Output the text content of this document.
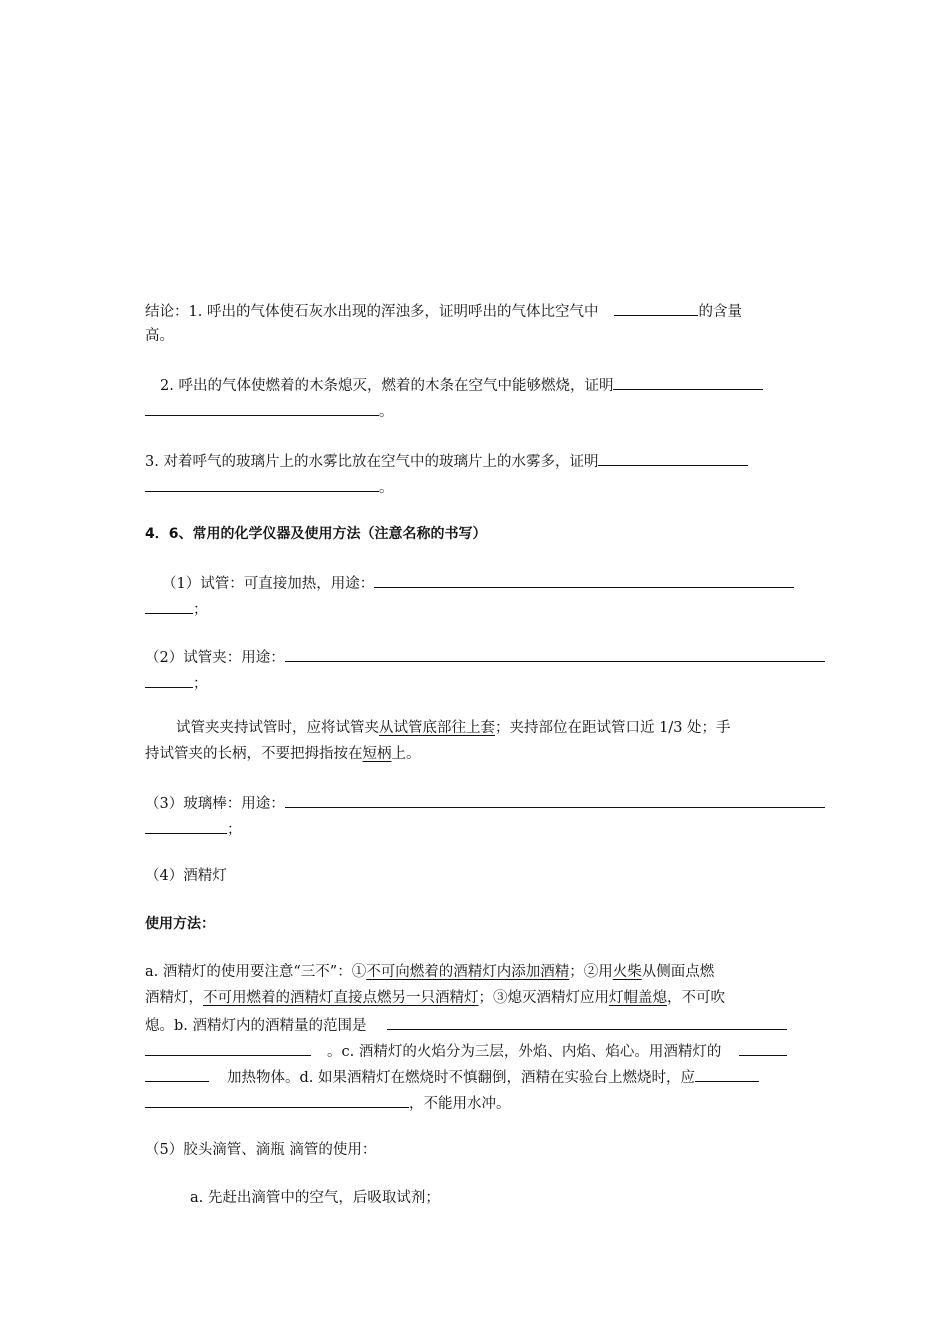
结论：1. 呼出的气体使石灰水出现的浑浊多，证明呼出的气体比空气中	的含量
高。
2. 呼出的气体使燃着的木条熄灭，燃着的木条在空气中能够燃烧，证明
。
3. 对着呼气的玻璃片上的水雾比放在空气中的玻璃片上的水雾多，证明
。
4．6、常用的化学仪器及使用方法（注意名称的书写）
（1）试管：可直接加热，用途：
；
（2）试管夹：用途：
；
试管夹夹持试管时，应将试管夹从试管底部往上套；夹持部位在距试管口近 1/3 处；手
持试管夹的长柄，不要把拇指按在短柄上。
（3）玻璃棒：用途：
；
（4）酒精灯
使用方法：
a. 酒精灯的使用要注意“三不”：①不可向燃着的酒精灯内添加酒精；②用火柴从侧面点燃
酒精灯，不可用燃着的酒精灯直接点燃另一只酒精灯；③熄灭酒精灯应用灯帽盖熄，不可吹
熄。b. 酒精灯内的酒精量的范围是
。c. 酒精灯的火焰分为三层，外焰、内焰、焰心。用酒精灯的
加热物体。d. 如果酒精灯在燃烧时不慎翻倒，酒精在实验台上燃烧时，应
，不能用水冲。
（5）胶头滴管、滴瓶 滴管的使用：
a. 先赶出滴管中的空气，后吸取试剂；
